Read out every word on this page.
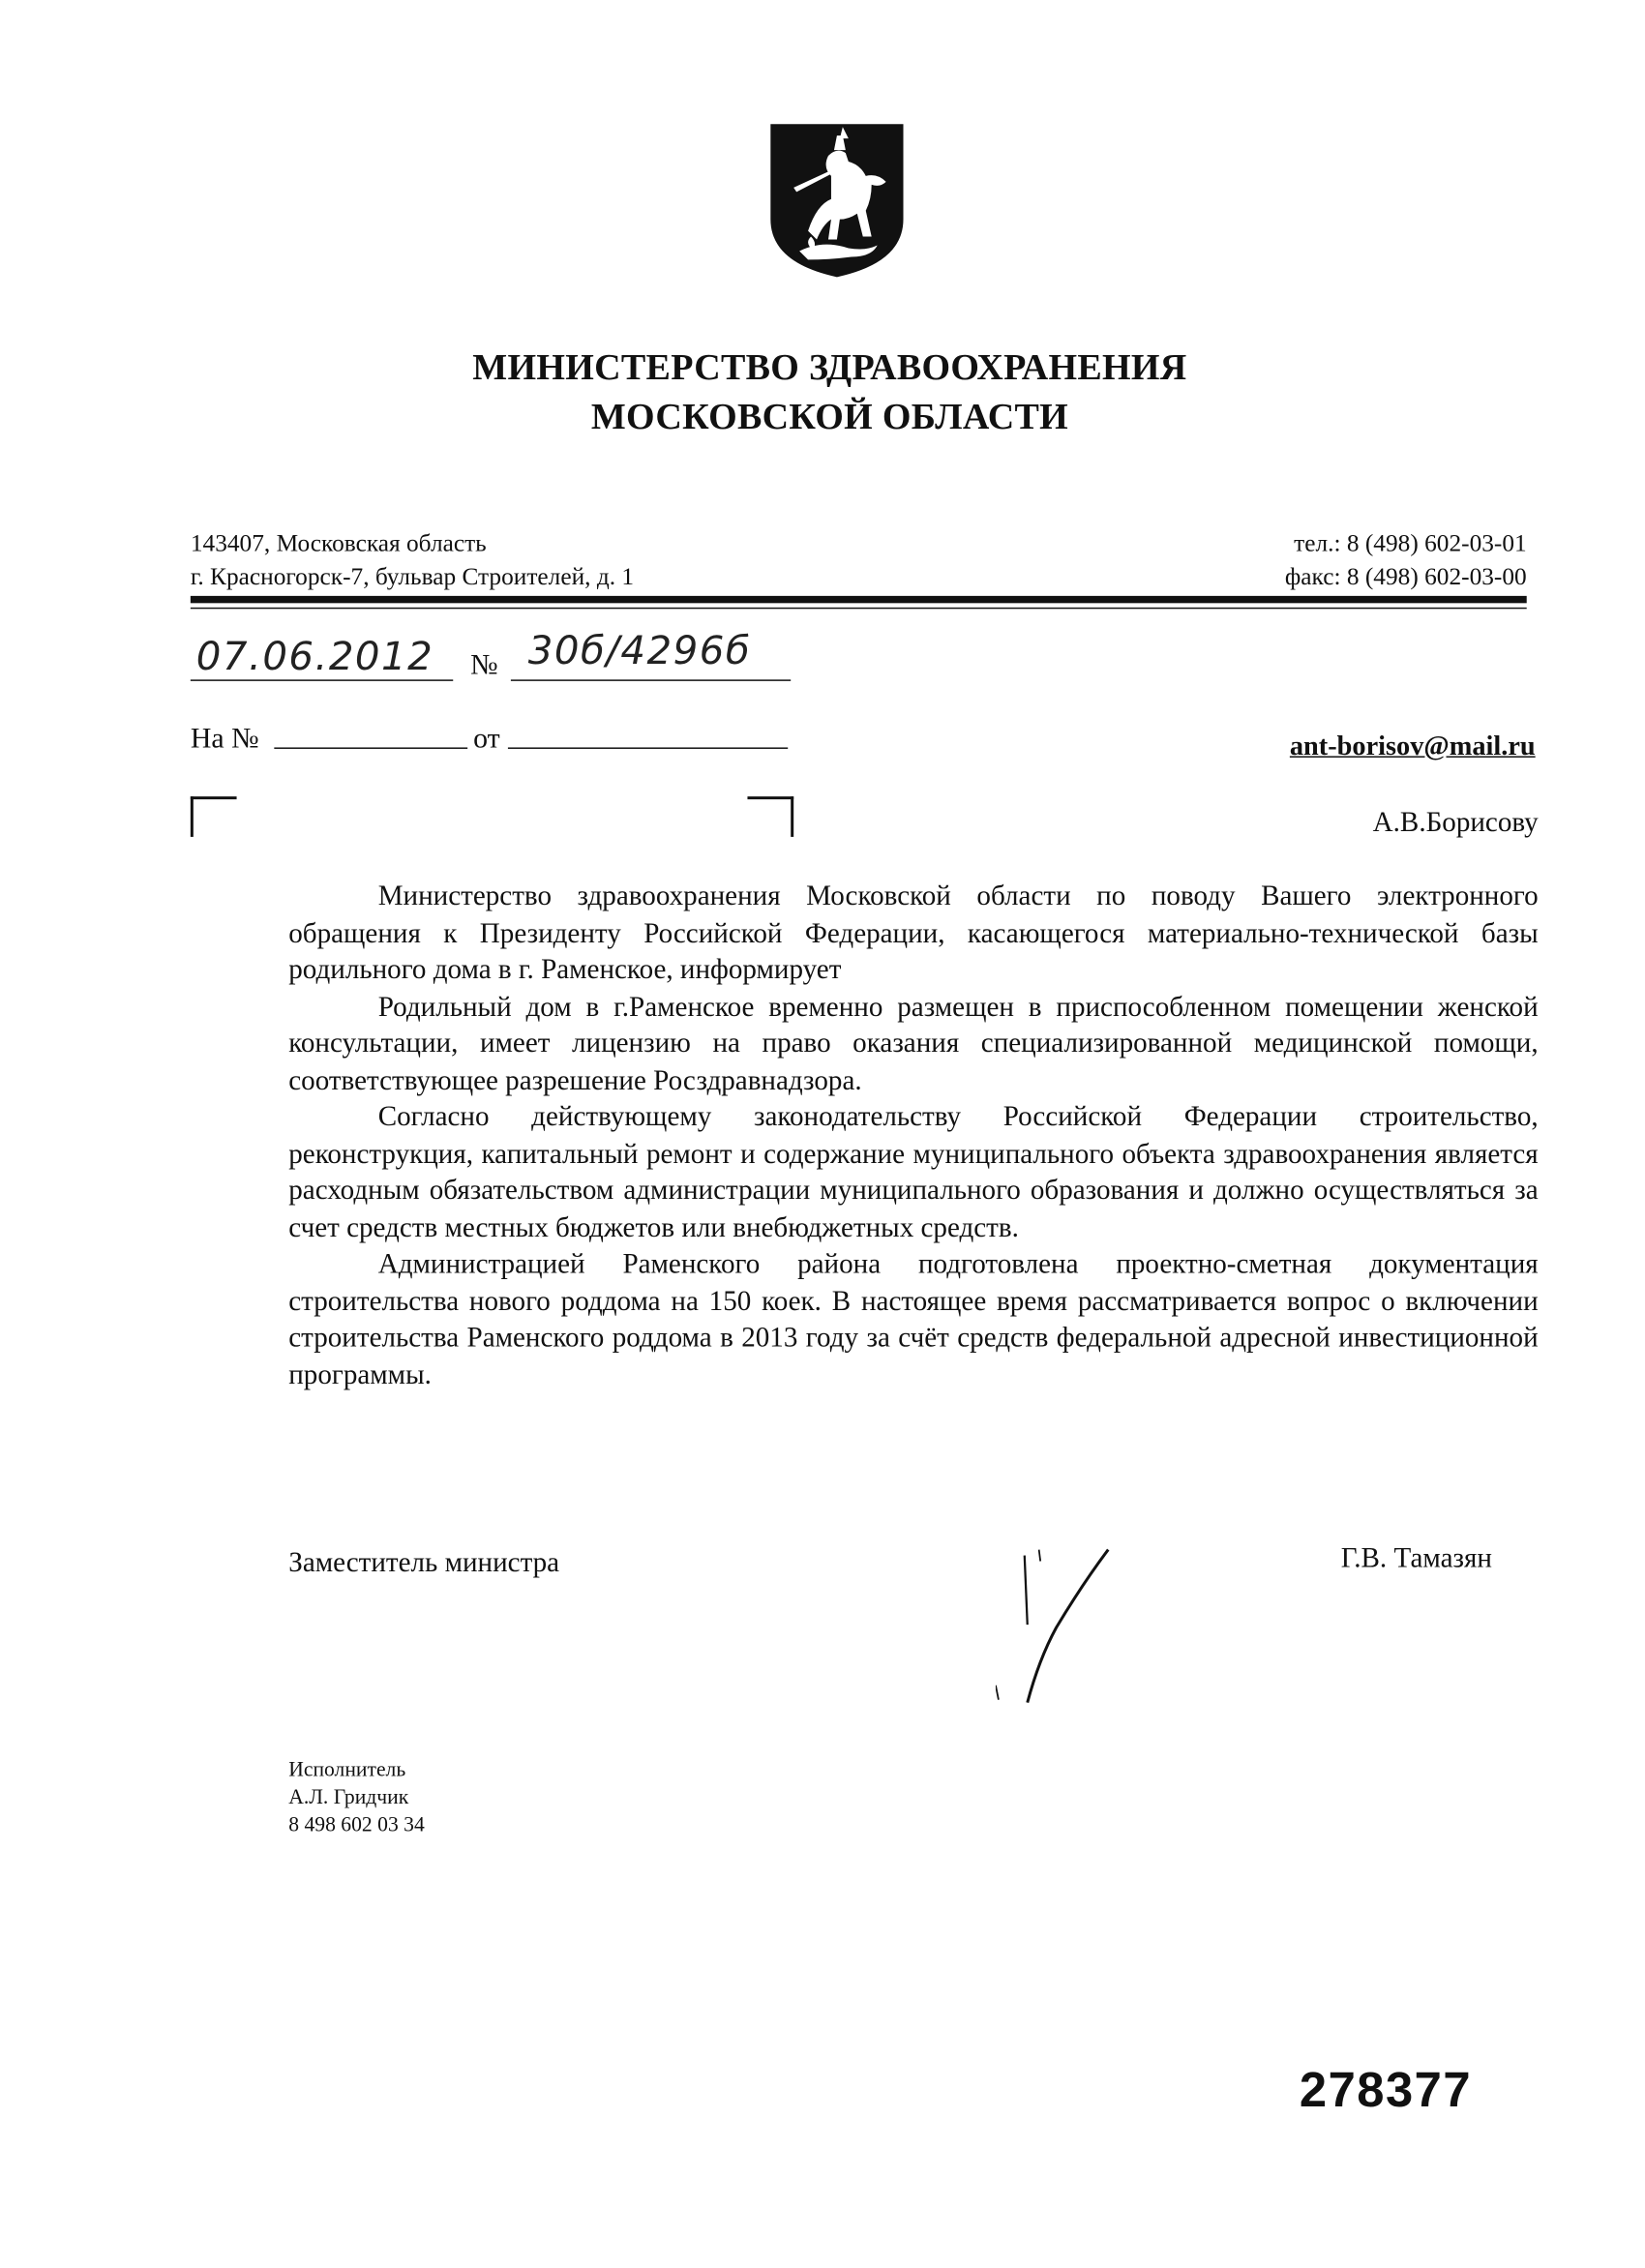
МИНИСТЕРСТВО ЗДРАВООХРАНЕНИЯ
МОСКОВСКОЙ ОБЛАСТИ
143407, Московская область
г. Красногорск-7, бульвар Строителей, д. 1
тел.: 8 (498) 602-03-01
факс: 8 (498) 602-03-00
07.06.2012 № 30б/4296б
На №	от	ant-borisov@mail.ru
А.В.Борисову

Министерство здравоохранения Московской области по поводу Вашего электронного обращения к Президенту Российской Федерации, касающегося материально-технической базы родильного дома в г. Раменское, информирует

Родильный дом в г.Раменское временно размещен в приспособленном помещении женской консультации, имеет лицензию на право оказания специализированной медицинской помощи, соответствующее разрешение Росздравнадзора.

Согласно действующему законодательству Российской Федерации строительство, реконструкция, капитальный ремонт и содержание муниципального объекта здравоохранения является расходным обязательством администрации муниципального образования и должно осуществляться за счет средств местных бюджетов или внебюджетных средств.

Администрацией Раменского района подготовлена проектно-сметная документация строительства нового роддома на 150 коек. В настоящее время рассматривается вопрос о включении строительства Раменского роддома в 2013 году за счёт средств федеральной адресной инвестиционной программы.

Заместитель министра	Г.В. Тамазян
Исполнитель
А.Л. Гридчик
8 498 602 03 34
278377
